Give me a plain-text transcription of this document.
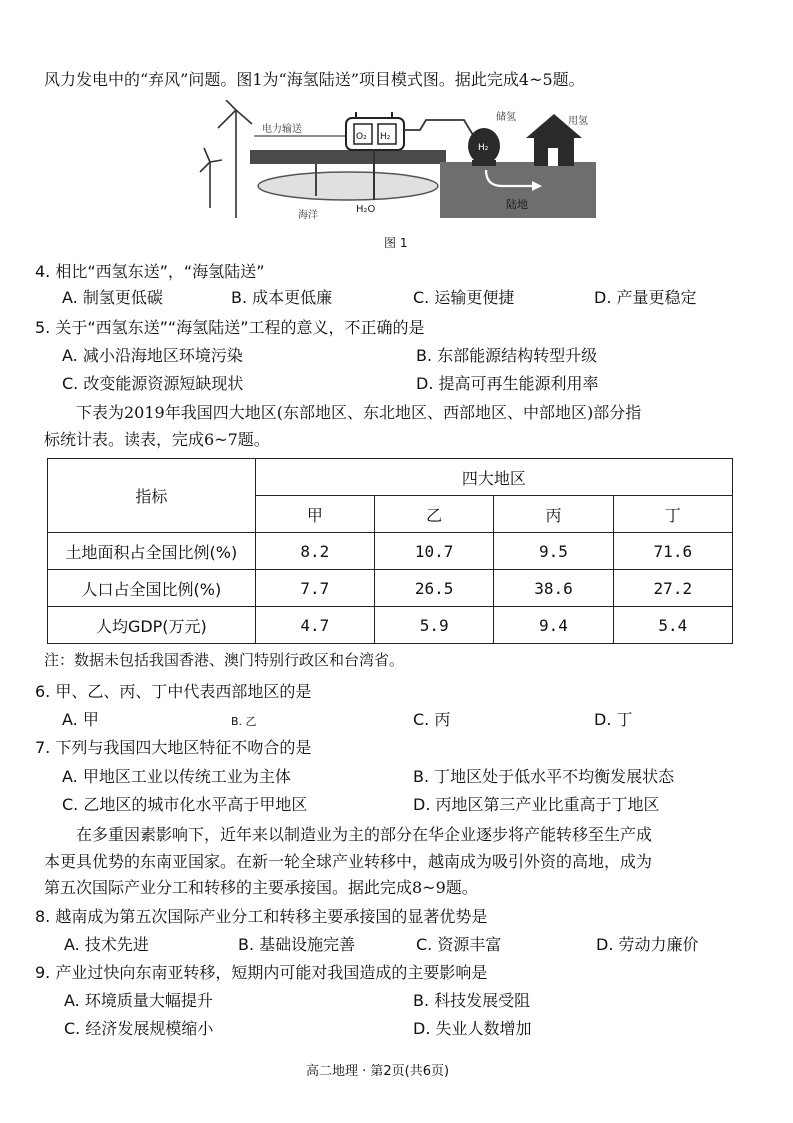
风力发电中的“弃风”问题。图1为“海氢陆送”项目模式图。据此完成4~5题。
电力输送
O₂ H₂
H₂O
海洋
陆地
H₂
储氢	用氢
图 1
4. 相比“西氢东送”，“海氢陆送”
A. 制氢更低碳	B. 成本更低廉	C. 运输更便捷	D. 产量更稳定
5. 关于“西氢东送”“海氢陆送”工程的意义，不正确的是
A. 减小沿海地区环境污染	B. 东部能源结构转型升级
C. 改变能源资源短缺现状	D. 提高可再生能源利用率
下表为2019年我国四大地区(东部地区、东北地区、西部地区、中部地区)部分指
标统计表。读表，完成6~7题。
指标	四大地区			
	甲	乙	丙	丁
土地面积占全国比例(%)	8.2	10.7	9.5	71.6
人口占全国比例(%)	7.7	26.5	38.6	27.2
人均GDP(万元)	4.7	5.9	9.4	5.4
注：数据未包括我国香港、澳门特别行政区和台湾省。
6. 甲、乙、丙、丁中代表西部地区的是
A. 甲	B. 乙	C. 丙	D. 丁
7. 下列与我国四大地区特征不吻合的是
A. 甲地区工业以传统工业为主体	B. 丁地区处于低水平不均衡发展状态
C. 乙地区的城市化水平高于甲地区	D. 丙地区第三产业比重高于丁地区
在多重因素影响下，近年来以制造业为主的部分在华企业逐步将产能转移至生产成
本更具优势的东南亚国家。在新一轮全球产业转移中，越南成为吸引外资的高地，成为
第五次国际产业分工和转移的主要承接国。据此完成8~9题。
8. 越南成为第五次国际产业分工和转移主要承接国的显著优势是
A. 技术先进	B. 基础设施完善	C. 资源丰富	D. 劳动力廉价
9. 产业过快向东南亚转移，短期内可能对我国造成的主要影响是
A. 环境质量大幅提升	B. 科技发展受阻
C. 经济发展规模缩小	D. 失业人数增加
高二地理 · 第2页(共6页)
